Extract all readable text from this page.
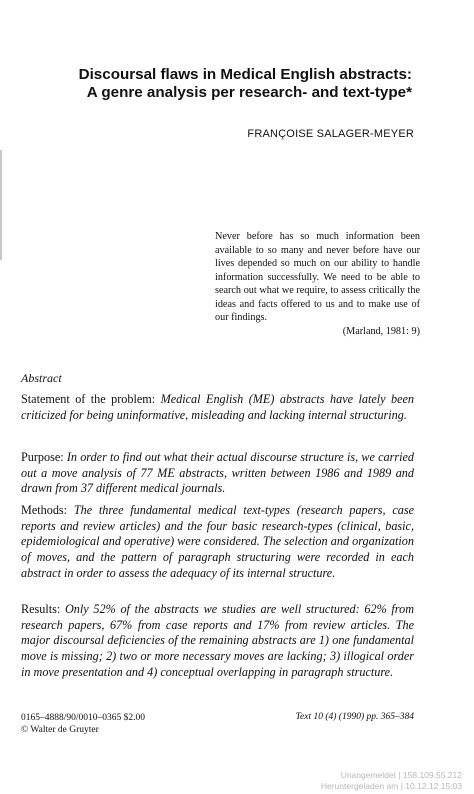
Discoursal flaws in Medical English abstracts:
A genre analysis per research- and text-type*
FRANÇOISE SALAGER-MEYER
Never before has so much information been available to so many and never before have our lives depended so much on our ability to handle information successfully. We need to be able to search out what we require, to assess critically the ideas and facts offered to us and to make use of our findings.
(Marland, 1981: 9)
Abstract
Statement of the problem: Medical English (ME) abstracts have lately been criticized for being uninformative, misleading and lacking internal structuring.
Purpose: In order to find out what their actual discourse structure is, we carried out a move analysis of 77 ME abstracts, written between 1986 and 1989 and drawn from 37 different medical journals.
Methods: The three fundamental medical text-types (research papers, case reports and review articles) and the four basic research-types (clinical, basic, epidemiological and operative) were considered. The selection and organization of moves, and the pattern of paragraph structuring were recorded in each abstract in order to assess the adequacy of its internal structure.
Results: Only 52% of the abstracts we studies are well structured: 62% from research papers, 67% from case reports and 17% from review articles. The major discoursal deficiencies of the remaining abstracts are 1) one fundamental move is missing; 2) two or more necessary moves are lacking; 3) illogical order in move presentation and 4) conceptual overlapping in paragraph structure.
0165–4888/90/0010–0365 $2.00
© Walter de Gruyter
Text 10 (4) (1990) pp. 365–384
Unangemeldet | 158.109.55.212
Heruntergeladen am | 10.12.12 15:03
